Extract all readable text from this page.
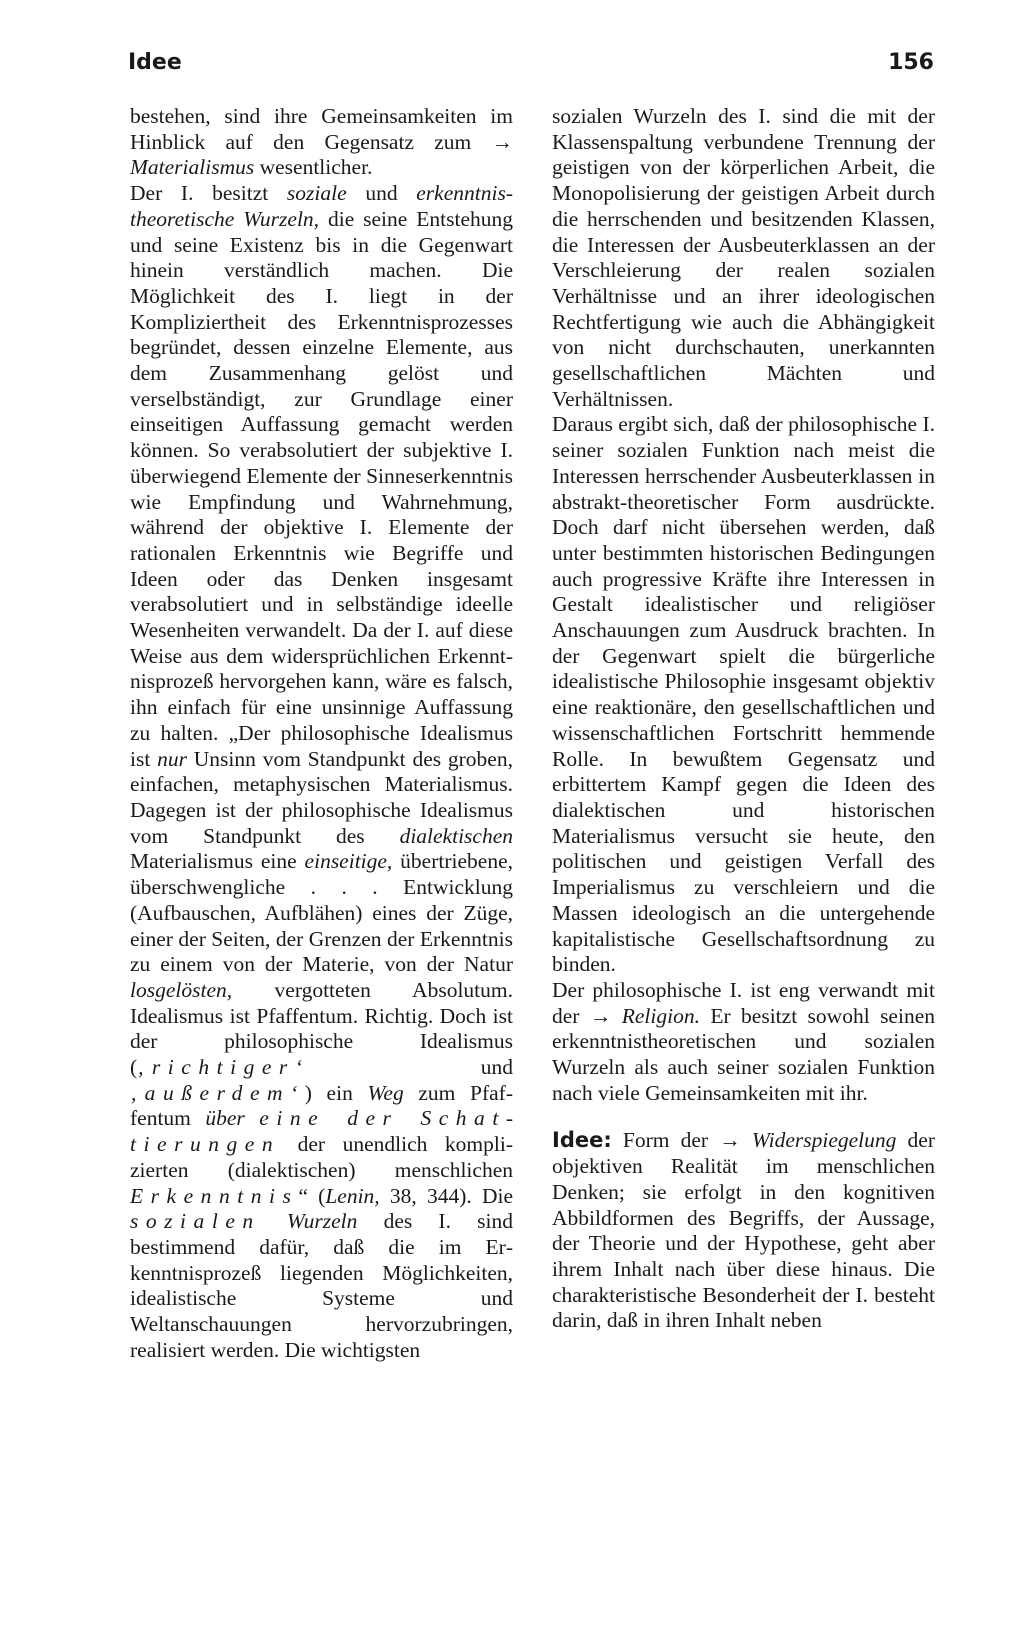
Idee	156

bestehen, sind ihre Gemeinsamkeiten im Hinblick auf den Gegensatz zum → Materialismus wesentlicher.

Der I. besitzt soziale und erkenntnistheoretische Wurzeln, die seine Entstehung und seine Existenz bis in die Gegenwart hinein verständlich machen. Die Möglichkeit des I. liegt in der Kompliziertheit des Erkenntnisprozesses begründet, dessen einzelne Elemente, aus dem Zusammenhang gelöst und verselbständigt, zur Grundlage einer einseitigen Auffassung gemacht werden können. So verabsolutiert der subjektive I. überwiegend Elemente der Sinneserkenntnis wie Empfindung und Wahrnehmung, während der objektive I. Elemente der rationalen Erkenntnis wie Begriffe und Ideen oder das Denken insgesamt verabsolutiert und in selbständige ideelle Wesenheiten verwandelt. Da der I. auf diese Weise aus dem widersprüchlichen Erkenntnisprozeß hervorgehen kann, wäre es falsch, ihn einfach für eine unsinnige Auffassung zu halten. „Der philosophische Idealismus ist nur Unsinn vom Standpunkt des groben, einfachen, metaphysischen Materialismus. Dagegen ist der philosophische Idealismus vom Standpunkt des dialektischen Materialismus eine einseitige, übertriebene, überschwengliche . . . Entwicklung (Aufbauschen, Aufblähen) eines der Züge, einer der Seiten, der Grenzen der Erkenntnis zu einem von der Materie, von der Natur losgelösten, vergotteten Absolutum. Idealismus ist Pfaffentum. Richtig. Doch ist der philosophische Idealismus (‚richtiger‘ und ‚außerdem‘) ein Weg zum Pfaffentum über eine der Schattierungen der unendlich komplizierten (dialektischen) menschlichen Erkenntnis“ (Lenin, 38, 344). Die sozialen Wurzeln des I. sind bestimmend dafür, daß die im Erkenntnisprozeß liegenden Möglichkeiten, idealistische Systeme und Weltanschauungen hervorzubringen, realisiert werden. Die wichtigsten

sozialen Wurzeln des I. sind die mit der Klassenspaltung verbundene Trennung der geistigen von der körperlichen Arbeit, die Monopolisierung der geistigen Arbeit durch die herrschenden und besitzenden Klassen, die Interessen der Ausbeuterklassen an der Verschleierung der realen sozialen Verhältnisse und an ihrer ideologischen Rechtfertigung wie auch die Abhängigkeit von nicht durchschauten, unerkannten gesellschaftlichen Mächten und Verhältnissen.

Daraus ergibt sich, daß der philosophische I. seiner sozialen Funktion nach meist die Interessen herrschender Ausbeuterklassen in abstrakt-theoretischer Form ausdrückte. Doch darf nicht übersehen werden, daß unter bestimmten historischen Bedingungen auch progressive Kräfte ihre Interessen in Gestalt idealistischer und religiöser Anschauungen zum Ausdruck brachten. In der Gegenwart spielt die bürgerliche idealistische Philosophie insgesamt objektiv eine reaktionäre, den gesellschaftlichen und wissenschaftlichen Fortschritt hemmende Rolle. In bewußtem Gegensatz und erbittertem Kampf gegen die Ideen des dialektischen und historischen Materialismus versucht sie heute, den politischen und geistigen Verfall des Imperialismus zu verschleiern und die Massen ideologisch an die untergehende kapitalistische Gesellschaftsordnung zu binden.

Der philosophische I. ist eng verwandt mit der → Religion. Er besitzt sowohl seinen erkenntnistheoretischen und sozialen Wurzeln als auch seiner sozialen Funktion nach viele Gemeinsamkeiten mit ihr.

Idee: Form der → Widerspiegelung der objektiven Realität im menschlichen Denken; sie erfolgt in den kognitiven Abbildformen des Begriffs, der Aussage, der Theorie und der Hypothese, geht aber ihrem Inhalt nach über diese hinaus. Die charakteristische Besonderheit der I. besteht darin, daß in ihren Inhalt neben
